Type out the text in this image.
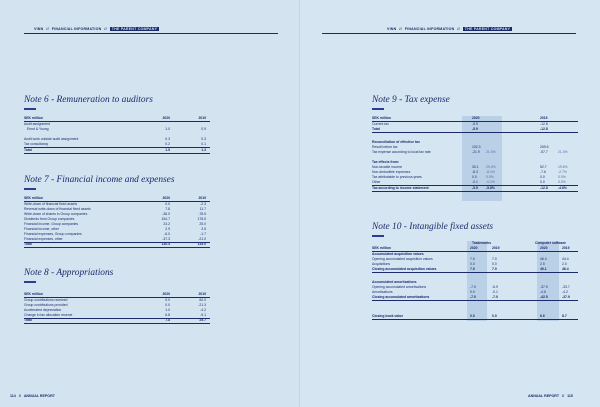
VINN // FINANCIAL INFORMATION // THE PARENT COMPANY
Note 6 - Remuneration to auditors
SEK million	2020	2019
Audit assignment
Ernst & Young	1.0	0.9
Audit work outside audit assignment	0.3	0.3
Tax consultancy	0.2	0.1
Total	1.5	1.3
Note 7 - Financial income and expenses
SEK million	2020	2019
Write-down of financial fixed assets	0.0	-2.3
Reversal write-down of financial fixed assets	7.8	11.7
Write-down of shares in Group companies	-36.0	-78.5
Dividends from Group companies	154.7	178.5
Financial income, Group companies	24.2	25.0
Financial income, other	2.9	3.5
Financial expenses, Group companies	-6.0	-1.7
Financial expenses, other	-37.3	-21.0
Total	110.3	115.0
Note 8 - Appropriations
SEK million	2020	2019
Group contributions received	0.0	60.0
Group contributions provided	0.0	-21.3
Accelerated depreciation	1.0	-4.2
Change in tax allocation reserve	6.8	-9.1
Total	7.8	25.7
114 // ANNUAL REPORT
VINN // FINANCIAL INFORMATION // THE PARENT COMPANY
Note 9 - Tax expense
SEK million	2020	2019
Current tax	-5.9	-12.8
Total	-5.9	-12.8
Reconciliation of effective tax
Result before tax	102.3	269.6
Tax expense according to local tax rate	-21.9 21.4%	-57.7	21.4%
Tax effects from:
Non-taxable income	30.1 29.4%	52.7	19.6%
Non-deductible expenses	-8.3 -8.1%	-7.6	-2.7%
Tax attributable to previous years	0.0	0.0%	0.0	0.0%
Other	-0.1 -0.1%	0.0	0.0%
Tax according to income statement	-5.9 -5.8%	-12.8	-4.6%
Note 10 - Intangible fixed assets
Trademarks	Computer software
SEK million	2020	2019	2020	2019
Accumulated acquisition values
Opening accumulated acquisition values	7.0	7.0	46.4	44.4
Acquisitions	0.0	0.0	2.5	2.0
Closing accumulated acquisition values	7.0	7.0	49.1	46.4
Accumulated amortisations
Opening accumulated amortisations	-7.0	-6.9	-37.9	-33.7
Amortisations	0.0	-0.1	-4.6	-4.2
Closing accumulated amortisations	-7.0	-7.0	-42.5	-37.9
Closing book value	0.0	0.0	6.6	8.7
ANNUAL REPORT // 115
